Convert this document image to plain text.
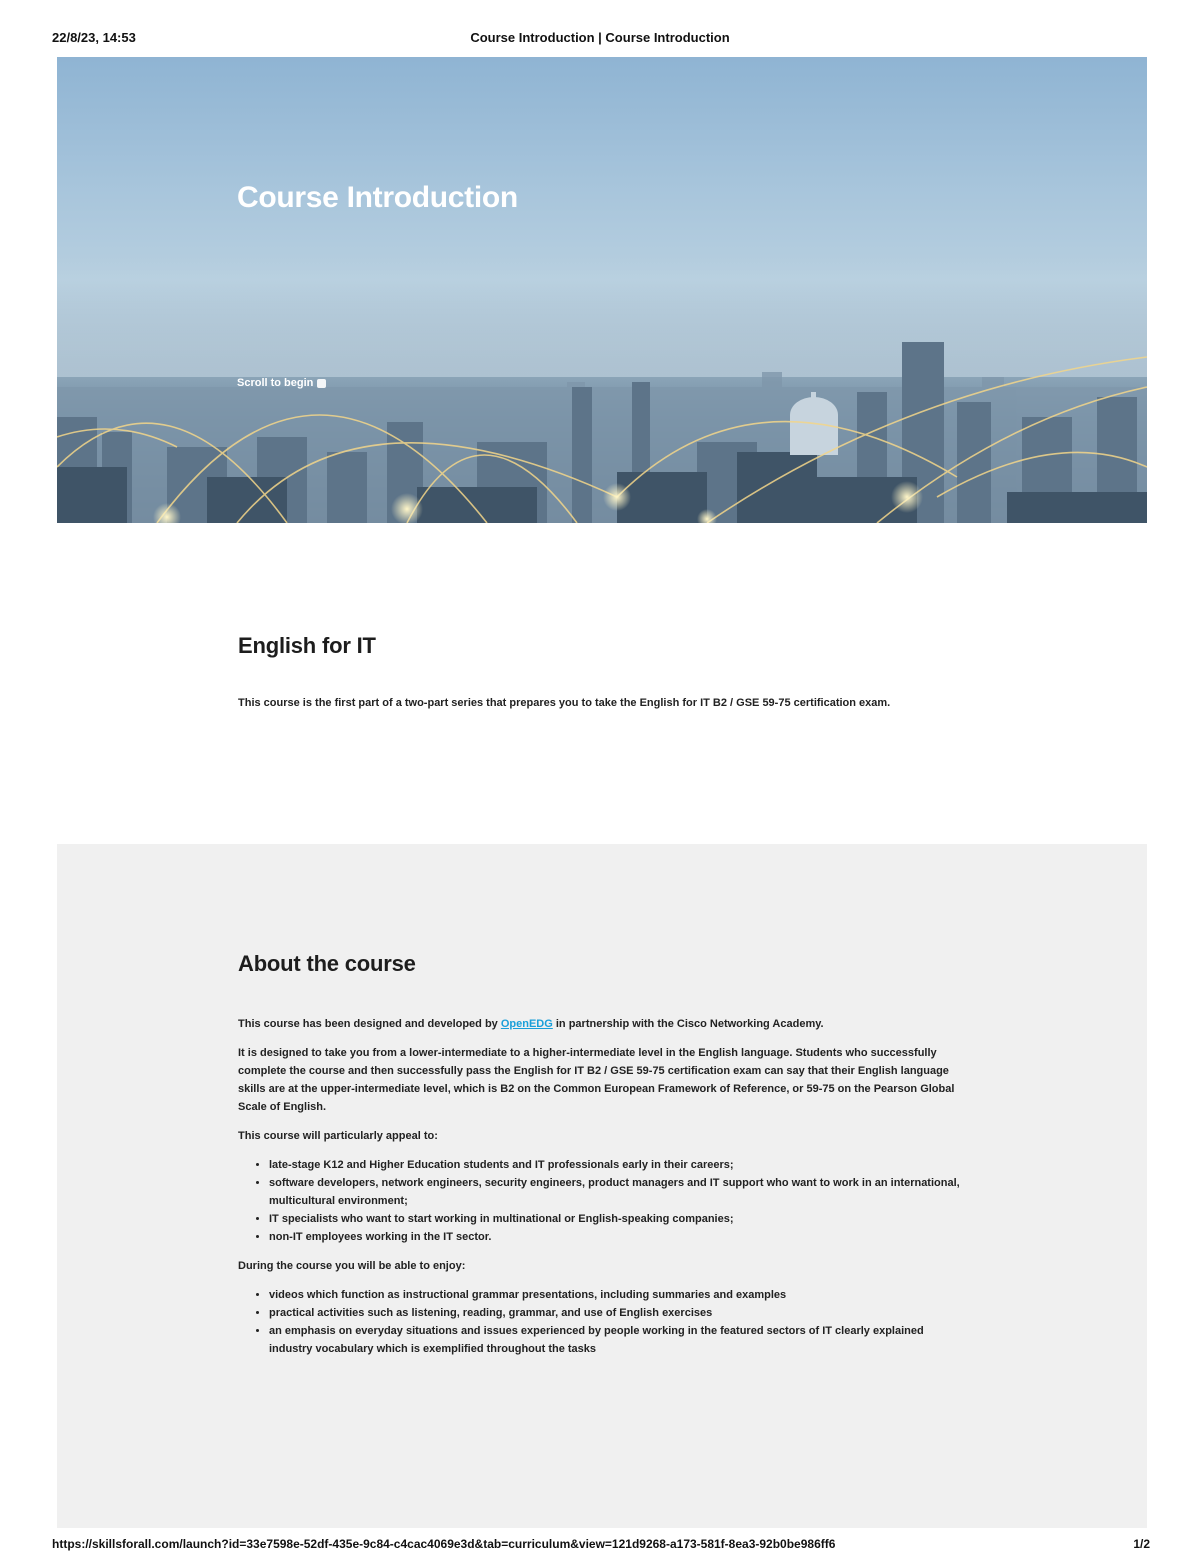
22/8/23, 14:53	Course Introduction | Course Introduction
Course Introduction
Scroll to begin
English for IT

This course is the first part of a two-part series that prepares you to take the English for IT B2 / GSE 59-75 certification exam.

About the course

This course has been designed and developed by OpenEDG in partnership with the Cisco Networking Academy.

It is designed to take you from a lower-intermediate to a higher-intermediate level in the English language. Students who successfully complete the course and then successfully pass the English for IT B2 / GSE 59-75 certification exam can say that their English language skills are at the upper-intermediate level, which is B2 on the Common European Framework of Reference, or 59-75 on the Pearson Global Scale of English.

This course will particularly appeal to:

• late-stage K12 and Higher Education students and IT professionals early in their careers;
• software developers, network engineers, security engineers, product managers and IT support who want to work in an international, multicultural environment;
• IT specialists who want to start working in multinational or English-speaking companies;
• non-IT employees working in the IT sector.

During the course you will be able to enjoy:

• videos which function as instructional grammar presentations, including summaries and examples
• practical activities such as listening, reading, grammar, and use of English exercises
• an emphasis on everyday situations and issues experienced by people working in the featured sectors of IT clearly explained industry vocabulary which is exemplified throughout the tasks
https://skillsforall.com/launch?id=33e7598e-52df-435e-9c84-c4cac4069e3d&tab=curriculum&view=121d9268-a173-581f-8ea3-92b0be986ff6	1/2
